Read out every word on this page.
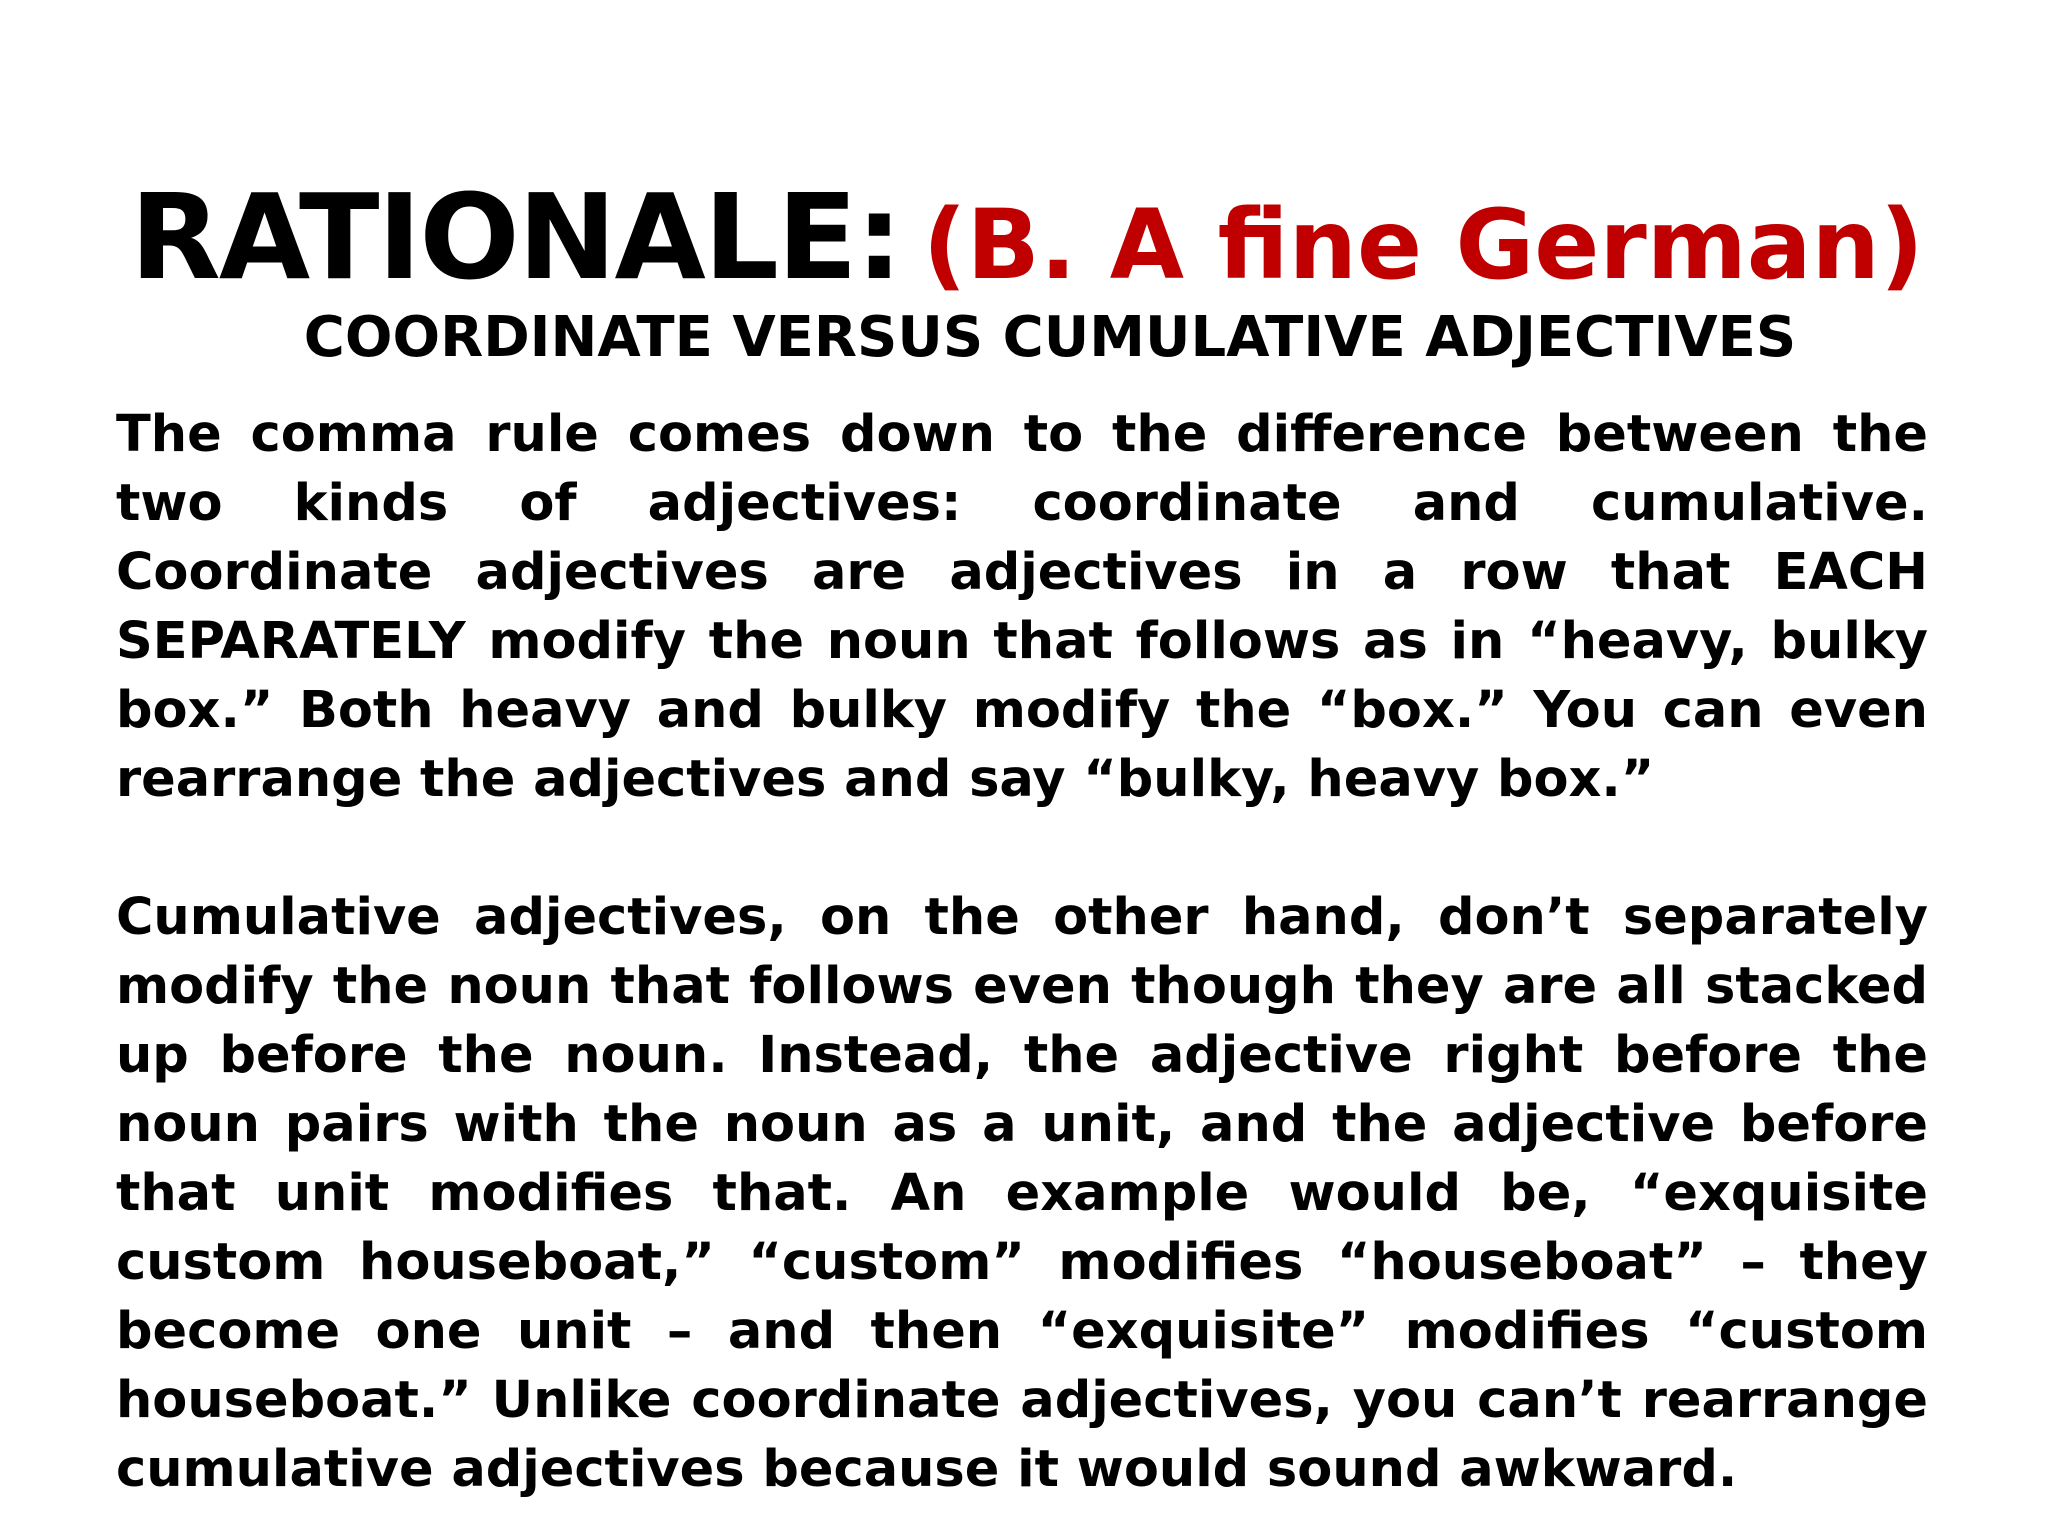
RATIONALE: (B. A fine German)
COORDINATE VERSUS CUMULATIVE ADJECTIVES

The comma rule comes down to the difference between the two kinds of adjectives: coordinate and cumulative. Coordinate adjectives are adjectives in a row that EACH SEPARATELY modify the noun that follows as in “heavy, bulky box.” Both heavy and bulky modify the “box.” You can even rearrange the adjectives and say “bulky, heavy box.”

Cumulative adjectives, on the other hand, don’t separately modify the noun that follows even though they are all stacked up before the noun. Instead, the adjective right before the noun pairs with the noun as a unit, and the adjective before that unit modifies that. An example would be, “exquisite custom houseboat,” “custom” modifies “houseboat” – they become one unit – and then “exquisite” modifies “custom houseboat.” Unlike coordinate adjectives, you can’t rearrange cumulative adjectives because it would sound awkward.
